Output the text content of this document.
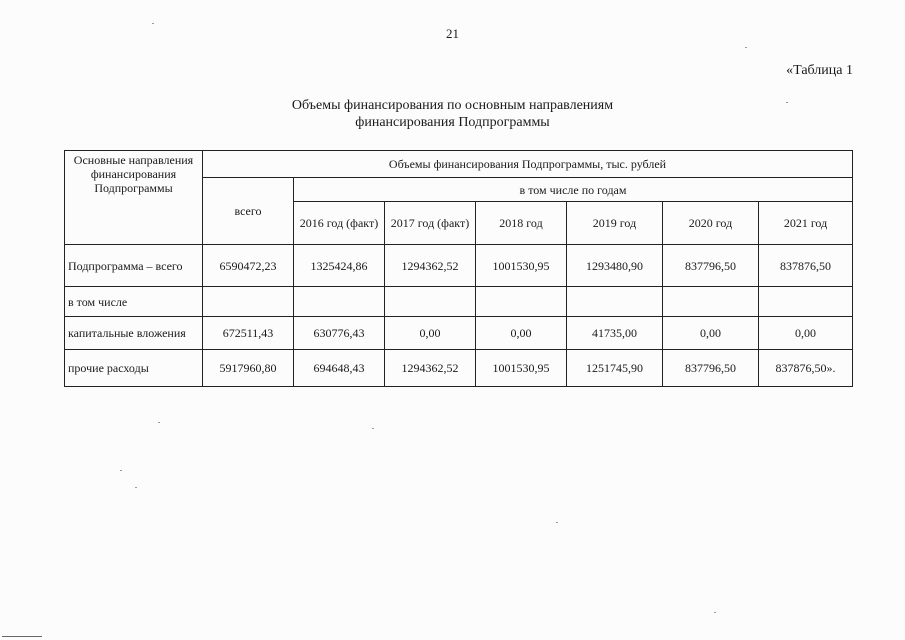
21
«Таблица 1
Объемы финансирования по основным направлениям
финансирования Подпрограммы
Основные направления финансирования Подпрограммы	Объемы финансирования Подпрограммы, тыс. рублей						
	всего	в том числе по годам					
		2016 год (факт)	2017 год (факт)	2018 год	2019 год	2020 год	2021 год
Подпрограмма – всего	6590472,23	1325424,86	1294362,52	1001530,95	1293480,90	837796,50	837876,50
в том числе							
капитальные вложения	672511,43	630776,43	0,00	0,00	41735,00	0,00	0,00
прочие расходы	5917960,80	694648,43	1294362,52	1001530,95	1251745,90	837796,50	837876,50».
